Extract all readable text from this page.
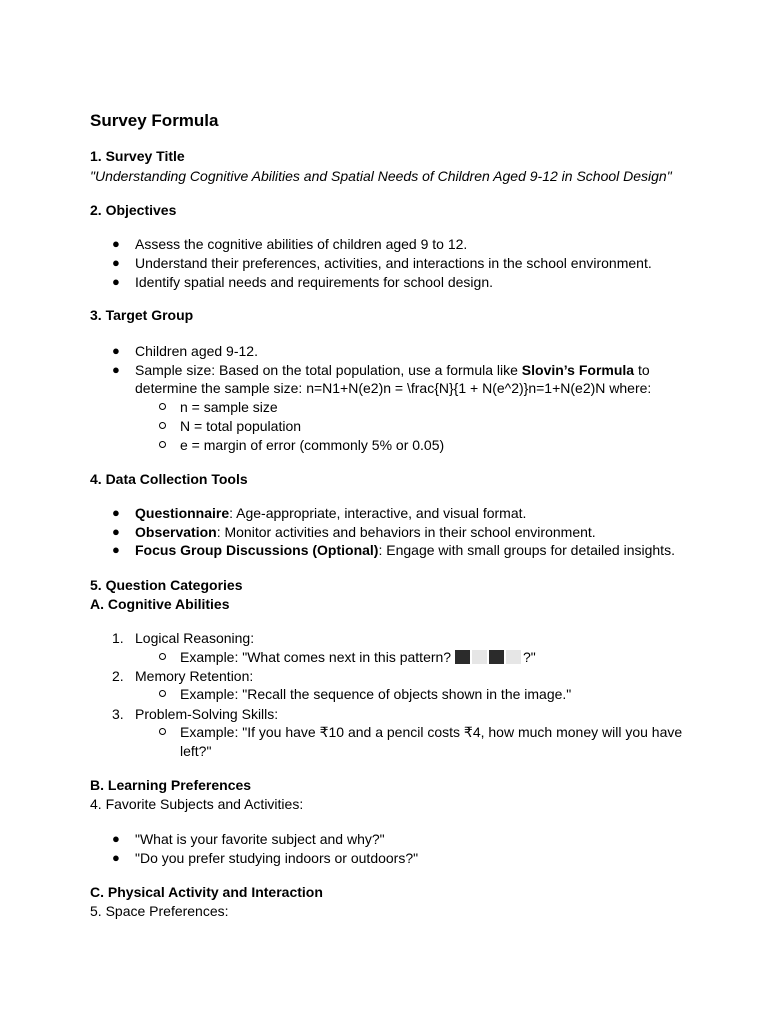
Survey Formula
1. Survey Title
"Understanding Cognitive Abilities and Spatial Needs of Children Aged 9-12 in School Design"
2. Objectives
● Assess the cognitive abilities of children aged 9 to 12.
● Understand their preferences, activities, and interactions in the school environment.
● Identify spatial needs and requirements for school design.
3. Target Group
● Children aged 9-12.
● Sample size: Based on the total population, use a formula like Slovin’s Formula to
determine the sample size: n=N1+N(e2)n = \frac{N}{1 + N(e^2)}n=1+N(e2)N where:
n = sample size
N = total population
e = margin of error (commonly 5% or 0.05)
4. Data Collection Tools
● Questionnaire: Age-appropriate, interactive, and visual format.
● Observation: Monitor activities and behaviors in their school environment.
● Focus Group Discussions (Optional): Engage with small groups for detailed insights.
5. Question Categories
A. Cognitive Abilities
1. Logical Reasoning:
Example: "What comes next in this pattern?	?"
2. Memory Retention:
Example: "Recall the sequence of objects shown in the image."
3. Problem-Solving Skills:
Example: "If you have ₹10 and a pencil costs ₹4, how much money will you have
left?"
B. Learning Preferences
4. Favorite Subjects and Activities:
● "What is your favorite subject and why?"
● "Do you prefer studying indoors or outdoors?"
C. Physical Activity and Interaction
5. Space Preferences:
